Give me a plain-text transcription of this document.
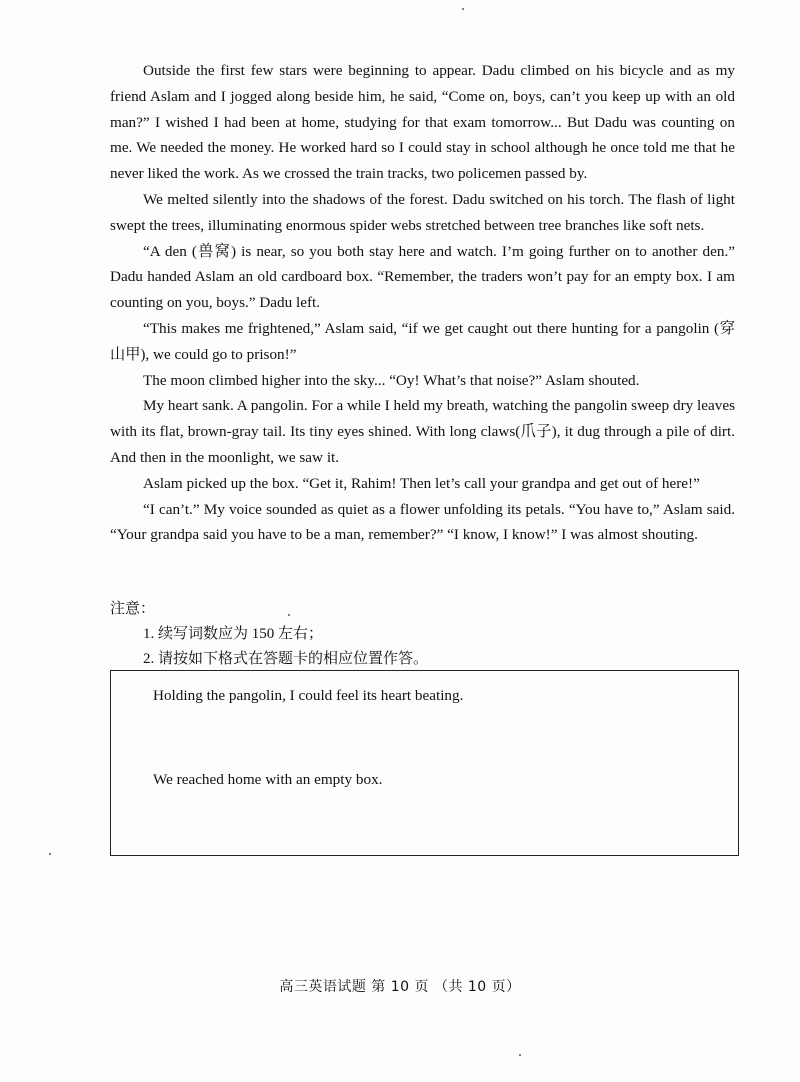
Outside the first few stars were beginning to appear. Dadu climbed on his bicycle and as my friend Aslam and I jogged along beside him, he said, “Come on, boys, can’t you keep up with an old man?” I wished I had been at home, studying for that exam tomorrow... But Dadu was counting on me. We needed the money. He worked hard so I could stay in school although he once told me that he never liked the work. As we crossed the train tracks, two policemen passed by.

We melted silently into the shadows of the forest. Dadu switched on his torch. The flash of light swept the trees, illuminating enormous spider webs stretched between tree branches like soft nets.

“A den (兽窝) is near, so you both stay here and watch. I’m going further on to another den.” Dadu handed Aslam an old cardboard box. “Remember, the traders won’t pay for an empty box. I am counting on you, boys.” Dadu left.

“This makes me frightened,” Aslam said, “if we get caught out there hunting for a pangolin (穿山甲), we could go to prison!”

The moon climbed higher into the sky... “Oy! What’s that noise?” Aslam shouted.

My heart sank. A pangolin. For a while I held my breath, watching the pangolin sweep dry leaves with its flat, brown-gray tail. Its tiny eyes shined. With long claws(爪子), it dug through a pile of dirt. And then in the moonlight, we saw it.

Aslam picked up the box. “Get it, Rahim! Then let’s call your grandpa and get out of here!”

“I can’t.” My voice sounded as quiet as a flower unfolding its petals. “You have to,” Aslam said. “Your grandpa said you have to be a man, remember?” “I know, I know!” I was almost shouting.

注意：

1. 续写词数应为 150 左右；

2. 请按如下格式在答题卡的相应位置作答。

Holding the pangolin, I could feel its heart beating.
We reached home with an empty box.
高三英语试题 第 10 页 （共 10 页）
